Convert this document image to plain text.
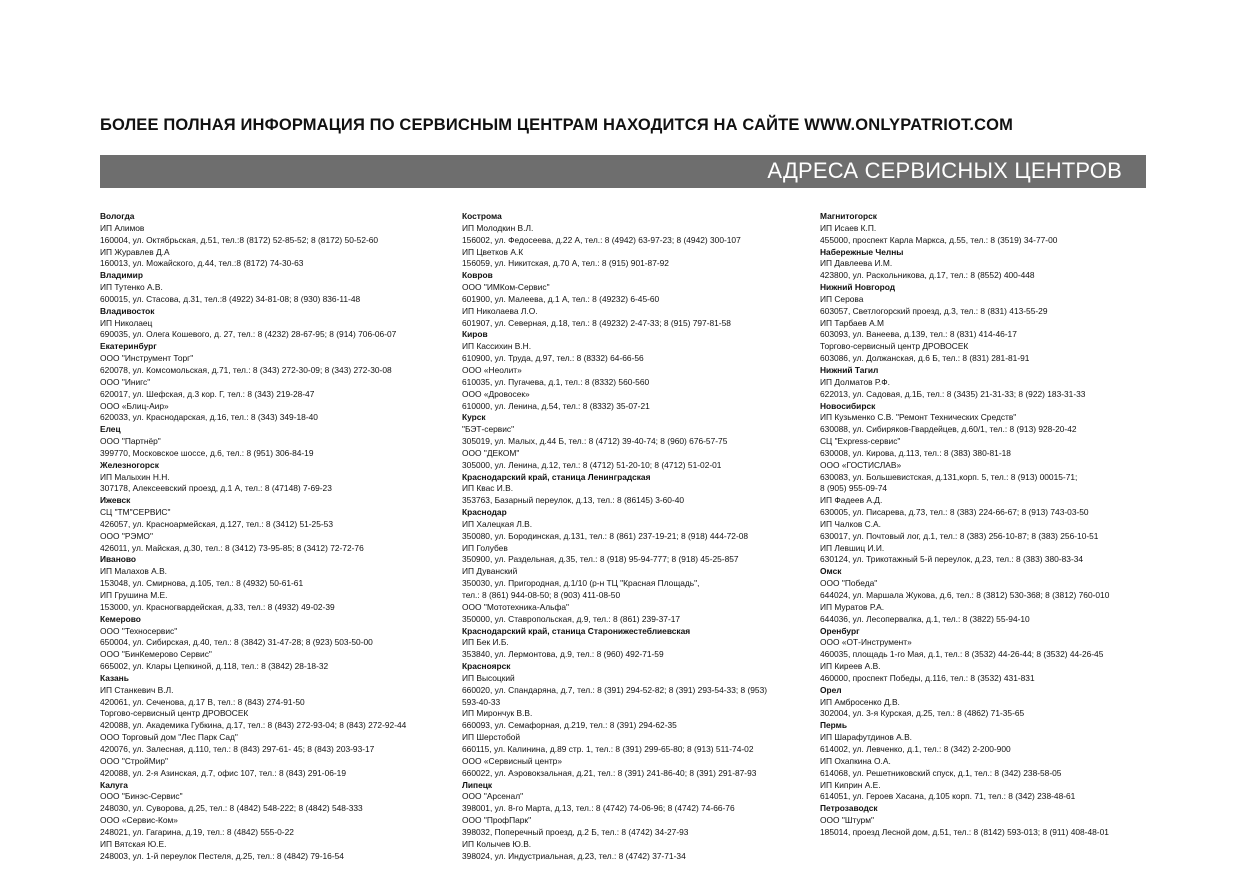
БОЛЕЕ ПОЛНАЯ ИНФОРМАЦИЯ ПО СЕРВИСНЫМ ЦЕНТРАМ НАХОДИТСЯ НА САЙТЕ WWW.ONLYPATRIOT.COM
АДРЕСА СЕРВИСНЫХ ЦЕНТРОВ
Вологда
ИП Алимов
160004, ул. Октябрьская, д.51, тел.:8 (8172) 52-85-52; 8 (8172) 50-52-60
ИП Журавлев Д.А
160013, ул. Можайского, д.44, тел.:8 (8172) 74-30-63
Владимир
ИП Тутенко А.В.
600015, ул. Стасова, д.31, тел.:8 (4922) 34-81-08; 8 (930) 836-11-48
Владивосток
ИП Николаец
690035, ул. Олега Кошевого, д. 27, тел.: 8 (4232) 28-67-95; 8 (914) 706-06-07
Екатеринбург
ООО "Инструмент Торг"
620078, ул. Комсомольская, д.71, тел.: 8 (343) 272-30-09; 8 (343) 272-30-08
ООО "Инигс"
620017, ул. Шефская, д.3 кор. Г, тел.: 8 (343) 219-28-47
ООО «Блиц-Аир»
620033, ул. Краснодарская, д.16, тел.: 8 (343) 349-18-40
Елец
ООО "Партнёр"
399770, Московское шоссе, д.6, тел.: 8 (951) 306-84-19
Железногорск
ИП Малыхин Н.Н.
307178, Алексеевский проезд, д.1 А, тел.: 8 (47148) 7-69-23
Ижевск
СЦ "ТМ"СЕРВИС"
426057, ул. Красноармейская, д.127, тел.: 8 (3412) 51-25-53
ООО "РЭМО"
426011, ул. Майская, д.30, тел.: 8 (3412) 73-95-85; 8 (3412) 72-72-76
Иваново
ИП Малахов А.В.
153048, ул. Смирнова, д.105, тел.: 8 (4932) 50-61-61
ИП Грушина М.Е.
153000, ул. Красногвардейская, д.33, тел.: 8 (4932) 49-02-39
Кемерово
ООО "Техносервис"
650004, ул. Сибирская, д.40, тел.: 8 (3842) 31-47-28; 8 (923) 503-50-00
ООО "БинКемерово Сервис"
665002, ул. Клары Цепкиной, д.118, тел.: 8 (3842) 28-18-32
Казань
ИП Станкевич В.Л.
420061, ул. Сеченова, д.17 В, тел.: 8 (843) 274-91-50
Торгово-сервисный центр ДРОВОСЕК
420088, ул. Академика Губкина, д.17, тел.: 8 (843) 272-93-04; 8 (843) 272-92-44
ООО Торговый дом "Лес Парк Сад"
420076, ул. Залесная, д.110, тел.: 8 (843) 297-61- 45; 8 (843) 203-93-17
ООО "СтройМир"
420088, ул. 2-я Азинская, д.7, офис 107, тел.: 8 (843) 291-06-19
Калуга
ООО "Бинэс-Сервис"
248030, ул. Суворова, д.25, тел.: 8 (4842) 548-222; 8 (4842) 548-333
ООО «Сервис-Ком»
248021, ул. Гагарина, д.19, тел.: 8 (4842) 555-0-22
ИП Вятская Ю.Е.
248003, ул. 1-й переулок Пестеля, д.25, тел.: 8 (4842) 79-16-54
Кострома
ИП Молодкин В.Л.
156002, ул. Федосеева, д.22 А, тел.: 8 (4942) 63-97-23; 8 (4942) 300-107
ИП Цветков А.К
156059, ул. Никитская, д.70 А, тел.: 8 (915) 901-87-92
Ковров
ООО "ИМКом-Сервис"
601900, ул. Малеева, д.1 А, тел.: 8 (49232) 6-45-60
ИП Николаева Л.О.
601907, ул. Северная, д.18, тел.: 8 (49232) 2-47-33; 8 (915) 797-81-58
Киров
ИП Кассихин В.Н.
610900, ул. Труда, д.97, тел.: 8 (8332) 64-66-56
ООО «Неолит»
610035, ул. Пугачева, д.1, тел.: 8 (8332) 560-560
ООО «Дровосек»
610000, ул. Ленина, д.54, тел.: 8 (8332) 35-07-21
Курск
"БЭТ-сервис"
305019, ул. Малых, д.44 Б, тел.: 8 (4712) 39-40-74; 8 (960) 676-57-75
ООО "ДЕКОМ"
305000, ул. Ленина, д.12, тел.: 8 (4712) 51-20-10; 8 (4712) 51-02-01
Краснодарский край, станица Ленинградская
ИП Квас И.В.
353763, Базарный переулок, д.13, тел.: 8 (86145) 3-60-40
Краснодар
ИП Халецкая Л.В.
350080, ул. Бородинская, д.131, тел.: 8 (861) 237-19-21; 8 (918) 444-72-08
ИП Голубев
350900, ул. Раздельная, д.35, тел.: 8 (918) 95-94-777; 8 (918) 45-25-857
ИП Дуванский
350030, ул. Пригородная, д.1/10 (р-н ТЦ "Красная Площадь",
тел.: 8 (861) 944-08-50; 8 (903) 411-08-50
ООО "Мототехника-Альфа"
350000, ул. Ставропольская, д.9, тел.: 8 (861) 239-37-17
Краснодарский край, станица Старонижестеблиевская
ИП Бек И.Б.
353840, ул. Лермонтова, д.9, тел.: 8 (960) 492-71-59
Красноярск
ИП Высоцкий
660020, ул. Спандаряна, д.7, тел.: 8 (391) 294-52-82; 8 (391) 293-54-33; 8 (953)
593-40-33
ИП Мирончук В.В.
660093, ул. Семафорная, д.219, тел.: 8 (391) 294-62-35
ИП Шерстобой
660115, ул. Калинина, д.89 стр. 1, тел.: 8 (391) 299-65-80; 8 (913) 511-74-02
ООО «Сервисный центр»
660022, ул. Аэровокзальная, д.21, тел.: 8 (391) 241-86-40; 8 (391) 291-87-93
Липецк
ООО "Арсенал"
398001, ул. 8-го Марта, д.13, тел.: 8 (4742) 74-06-96; 8 (4742) 74-66-76
ООО "ПрофПарк"
398032, Поперечный проезд, д.2 Б, тел.: 8 (4742) 34-27-93
ИП Колычев Ю.В.
398024, ул. Индустриальная, д.23, тел.: 8 (4742) 37-71-34
Магнитогорск
ИП Исаев К.П.
455000, проспект Карла Маркса, д.55, тел.: 8 (3519) 34-77-00
Набережные Челны
ИП Давлеева И.М.
423800, ул. Раскольникова, д.17, тел.: 8 (8552) 400-448
Нижний Новгород
ИП Серова
603057, Светлогорский проезд, д.3, тел.: 8 (831) 413-55-29
ИП Тарбаев А.М
603093, ул. Ванеева, д.139, тел.: 8 (831) 414-46-17
Торгово-сервисный центр ДРОВОСЕК
603086, ул. Должанская, д.6 Б, тел.: 8 (831) 281-81-91
Нижний Тагил
ИП Долматов Р.Ф.
622013, ул. Садовая, д.1Б, тел.: 8 (3435) 21-31-33; 8 (922) 183-31-33
Новосибирск
ИП Кузьменко С.В. "Ремонт Технических Средств"
630088, ул. Сибиряков-Гвардейцев, д.60/1, тел.: 8 (913) 928-20-42
СЦ "Express-сервис"
630008, ул. Кирова, д.113, тел.: 8 (383) 380-81-18
ООО «ГОСТИСЛАВ»
630083, ул. Большевистская, д.131,корп. 5, тел.: 8 (913) 00015-71;
8 (905) 955-09-74
ИП Фадеев А.Д.
630005, ул. Писарева, д.73, тел.: 8 (383) 224-66-67; 8 (913) 743-03-50
ИП Чалков С.А.
630017, ул. Почтовый лог, д.1, тел.: 8 (383) 256-10-87; 8 (383) 256-10-51
ИП Левшиц И.И.
630124, ул. Трикотажный 5-й переулок, д.23, тел.: 8 (383) 380-83-34
Омск
ООО "Победа"
644024, ул. Маршала Жукова, д.6, тел.: 8 (3812) 530-368; 8 (3812) 760-010
ИП Муратов Р.А.
644036, ул. Лесопервалка, д.1, тел.: 8 (3822) 55-94-10
Оренбург
ООО «ОТ-Инструмент»
460035, площадь 1-го Мая, д.1, тел.: 8 (3532) 44-26-44; 8 (3532) 44-26-45
ИП Киреев А.В.
460000, проспект Победы, д.116, тел.: 8 (3532) 431-831
Орел
ИП Амбросенко Д.В.
302004, ул. 3-я Курская, д.25, тел.: 8 (4862) 71-35-65
Пермь
ИП Шарафутдинов А.В.
614002, ул. Левченко, д.1, тел.: 8 (342) 2-200-900
ИП Охапкина О.А.
614068, ул. Решетниковский спуск, д.1, тел.: 8 (342) 238-58-05
ИП Киприн А.Е.
614051, ул. Героев Хасана, д.105 корп. 71, тел.: 8 (342) 238-48-61
Петрозаводск
ООО "Штурм"
185014, проезд Лесной дом, д.51, тел.: 8 (8142) 593-013; 8 (911) 408-48-01
